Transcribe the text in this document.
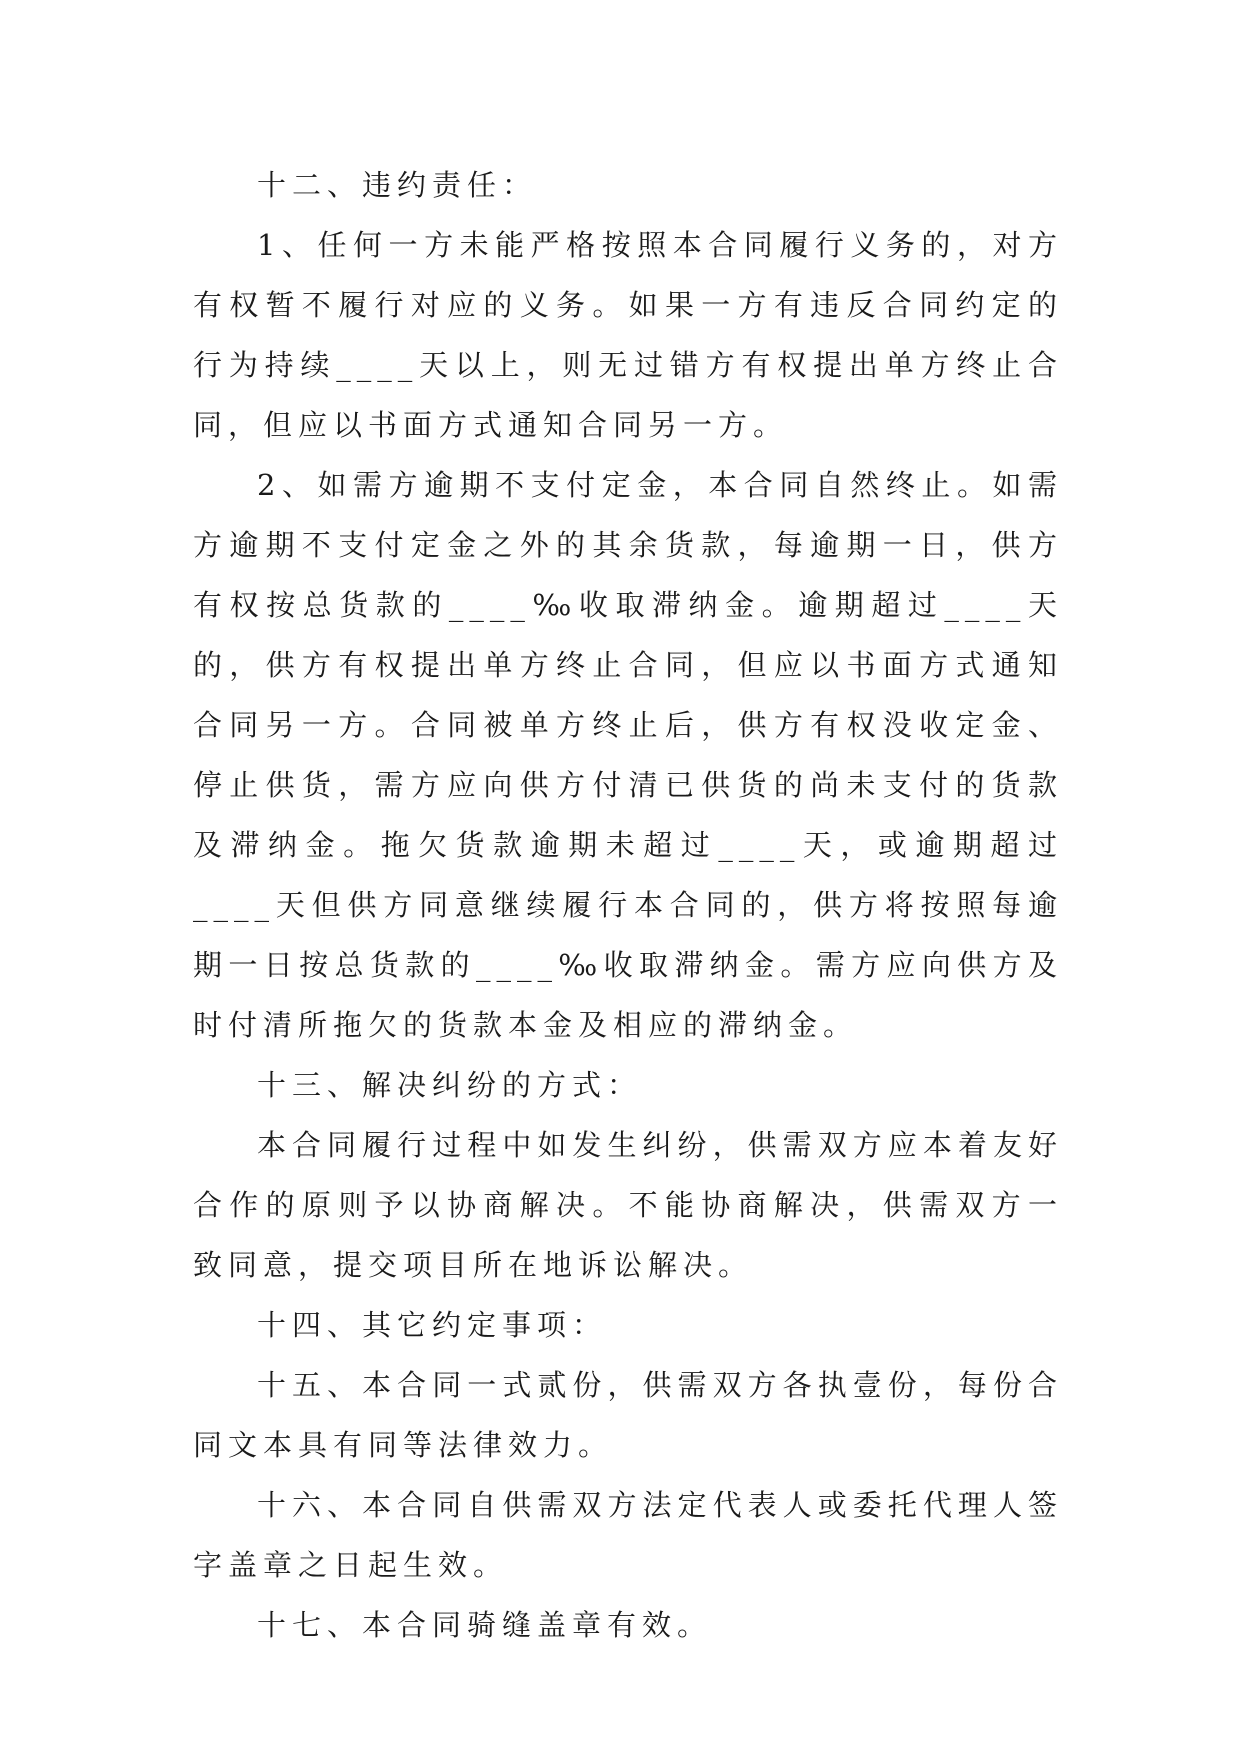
十二、违约责任：

1、任何一方未能严格按照本合同履行义务的，对方有权暂不履行对应的义务。如果一方有违反合同约定的行为持续____天以上，则无过错方有权提出单方终止合同，但应以书面方式通知合同另一方。

2、如需方逾期不支付定金，本合同自然终止。如需方逾期不支付定金之外的其余货款，每逾期一日，供方有权按总货款的____‰收取滞纳金。逾期超过____天的，供方有权提出单方终止合同，但应以书面方式通知合同另一方。合同被单方终止后，供方有权没收定金、停止供货，需方应向供方付清已供货的尚未支付的货款及滞纳金。拖欠货款逾期未超过____天，或逾期超过____天但供方同意继续履行本合同的，供方将按照每逾期一日按总货款的____‰收取滞纳金。需方应向供方及时付清所拖欠的货款本金及相应的滞纳金。

十三、解决纠纷的方式：

本合同履行过程中如发生纠纷，供需双方应本着友好合作的原则予以协商解决。不能协商解决，供需双方一致同意，提交项目所在地诉讼解决。

十四、其它约定事项：

十五、本合同一式贰份，供需双方各执壹份，每份合同文本具有同等法律效力。

十六、本合同自供需双方法定代表人或委托代理人签字盖章之日起生效。

十七、本合同骑缝盖章有效。
